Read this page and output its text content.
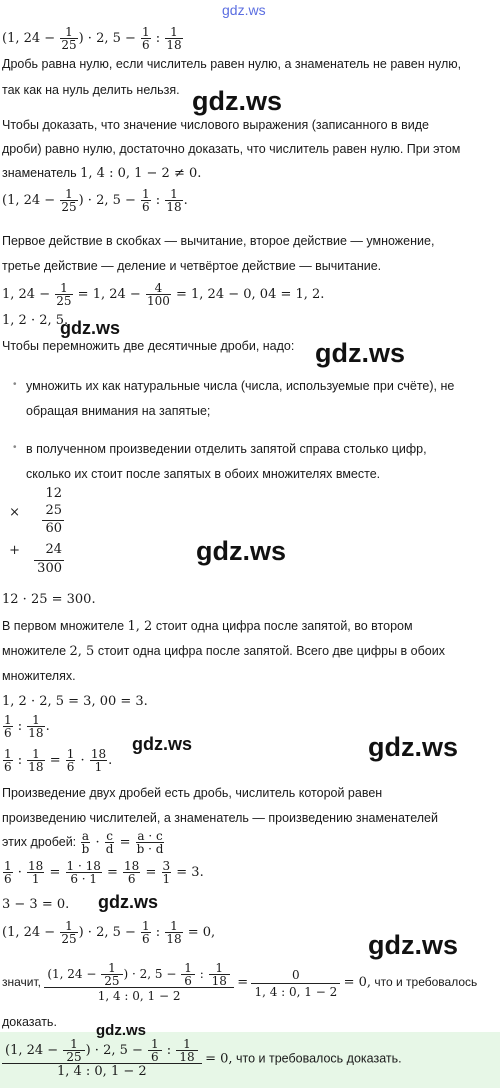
gdz.ws
(1, $24 - \frac{1}{25}$ ) · 2, $5 - \frac{1}{6}$ : $\frac{1}{18}$
Дробь равна нулю, если числитель равен нулю, а знаменатель не равен нулю,
так как на нуль делить нельзя. gdz.ws
Чтобы доказать, что значение числового выражения (записанного в виде
дроби) равно нулю, достаточно доказать, что числитель равен нулю. При этом
знаменатель 1, 4 : 0, 1 − 2 ≠ 0.
(1, $24 - \frac{1}{25}$ ) · 2, $5 - \frac{1}{6}$ : $\frac{1}{18}$ .
Первое действие в скобках — вычитание, второе действие — умножение,
третье действие — деление и четвёртое действие — вычитание.
1, $24 - \frac{1}{25} = 1$, $24 - \frac{4}{100} = 1$, 24 − 0, 04 = 1, 2.
1, 2 · 2, 5.
gdz.ws
Чтобы перемножить две десятичные дроби, надо: gdz.ws
• умножить их как натуральные числа (числа, используемые при счёте), не
обращая внимания на запятые;
• в полученном произведении отделить запятой справа столько цифр,
сколько их стоит после запятых в обоих множителях вместе.
12
×	25
60
+	24
300
gdz.ws
12 · 25 = 300.
В первом множителе 1, 2 стоит одна цифра после запятой, во втором
множителе 2, 5 стоит одна цифра после запятой. Всего две цифры в обоих
множителях.
1, 2 · 2, 5 = 3, 00 = 3.
$\frac{1}{6}$ : $\frac{1}{18}$ .
gdz.ws	gdz.ws
$\frac{1}{6}$ : $\frac{1}{18} = \frac{1}{6} \cdot \frac{18}{1}$ .
Произведение двух дробей есть дробь, числитель которой равен
произведению числителей, а знаменатель — произведению знаменателей
этих дробей: $\frac{a}{b} \cdot \frac{c}{d} = \frac{a \cdot c}{b \cdot d}$
$\frac{1}{6} \cdot \frac{18}{1} = \frac{1 \cdot 18}{6 \cdot 1} = \frac{18}{6} = \frac{3}{1} = 3$.
3 − 3 = 0. gdz.ws
(1, $24 - \frac{1}{25}$ ) · 2, $5 - \frac{1}{6}$ : $\frac{1}{18} = 0$,	gdz.ws
значит, $\frac{(1, 24 - \frac{1}{25} ) \cdot 2, 5 - \frac{1}{6} : \frac{1}{18}}{1, 4 : 0, 1 - 2} = \frac{0}{1, 4 : 0, 1 - 2} = 0$, что и требовалось
доказать.	gdz.ws
$\frac{(1, 24 - \frac{1}{25} ) \cdot 2, 5 - \frac{1}{6} : \frac{1}{18}}{1, 4 : 0, 1 - 2} = 0$, что и требовалось доказать.
